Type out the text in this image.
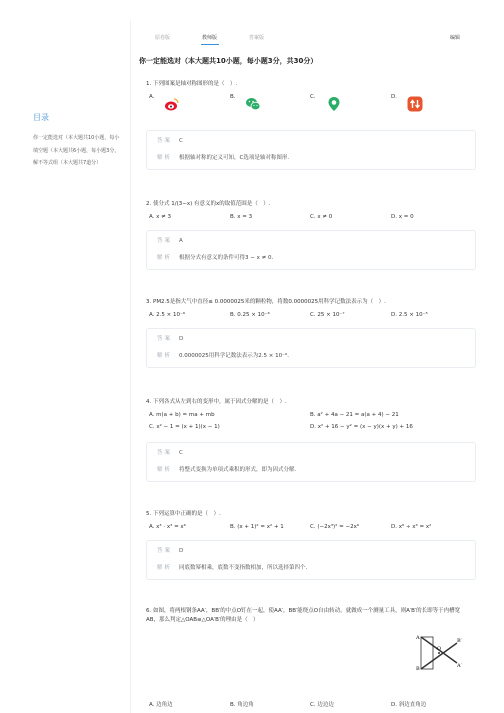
目录
你一定能选对（本大题共10小题，每小
填空题（本大题共6小题，每小题3分，
解不等式组（本大题共7道分）
原卷版	教师版	答案版	编辑
你一定能选对（本大题共10小题，每小题3分，共30分）
1. 下列图案是轴对称图形的是（　）.
A.	B.	C.	D.
答案	C
解析	根据轴对称的定义可知，C选项是轴对称图形．
2. 使分式 1/(3−x) 有意义的x的取值范围是（　）.
A. x ≠ 3	B. x = 3	C. x ≠ 0	D. x = 0
答案	A
解析	根据分式有意义的条件可得3 − x ≠ 0．
3. PM2.5是指大气中直径≤ 0.0000025米的颗粒物，将数0.0000025用科学记数法表示为（　）.
A. 2.5 × 10⁻⁶	B. 0.25 × 10⁻⁶	C. 25 × 10⁻⁷	D. 2.5 × 10⁻⁵
答案	D
解析	0.0000025用科学记数法表示为2.5 × 10⁻⁶．
4. 下列各式从左到右的变形中，属于因式分解的是（　）.
A. m(a + b) = ma + mb	B. a² + 4a − 21 = a(a + 4) − 21
C. x² − 1 = (x + 1)(x − 1)	D. x² + 16 − y² = (x − y)(x + y) + 16
答案	C
解析	将整式变换为单项式乘积的形式，即为因式分解．
5. 下列运算中正确的是（　）.
A. x³ · x³ = x⁶	B. (x + 1)² = x² + 1	C. (−2x³)² = −2x⁶	D. x⁶ ÷ x³ = x²
答案	D
解析	同底数幂相乘，底数不变指数相加，所以选择第四个．
6. 如图，将两根钢条AA′，BB′的中点O钉在一起，使AA′，BB′能绕点O自由转动，就做成一个测量工具，则A′B′的长即等于内槽宽AB，那么判定△OAB≌△OA′B′的理由是（　）
A. 边角边	B. 角边角	C. 边边边	D. 斜边直角边
A
B
O
A′
B′
